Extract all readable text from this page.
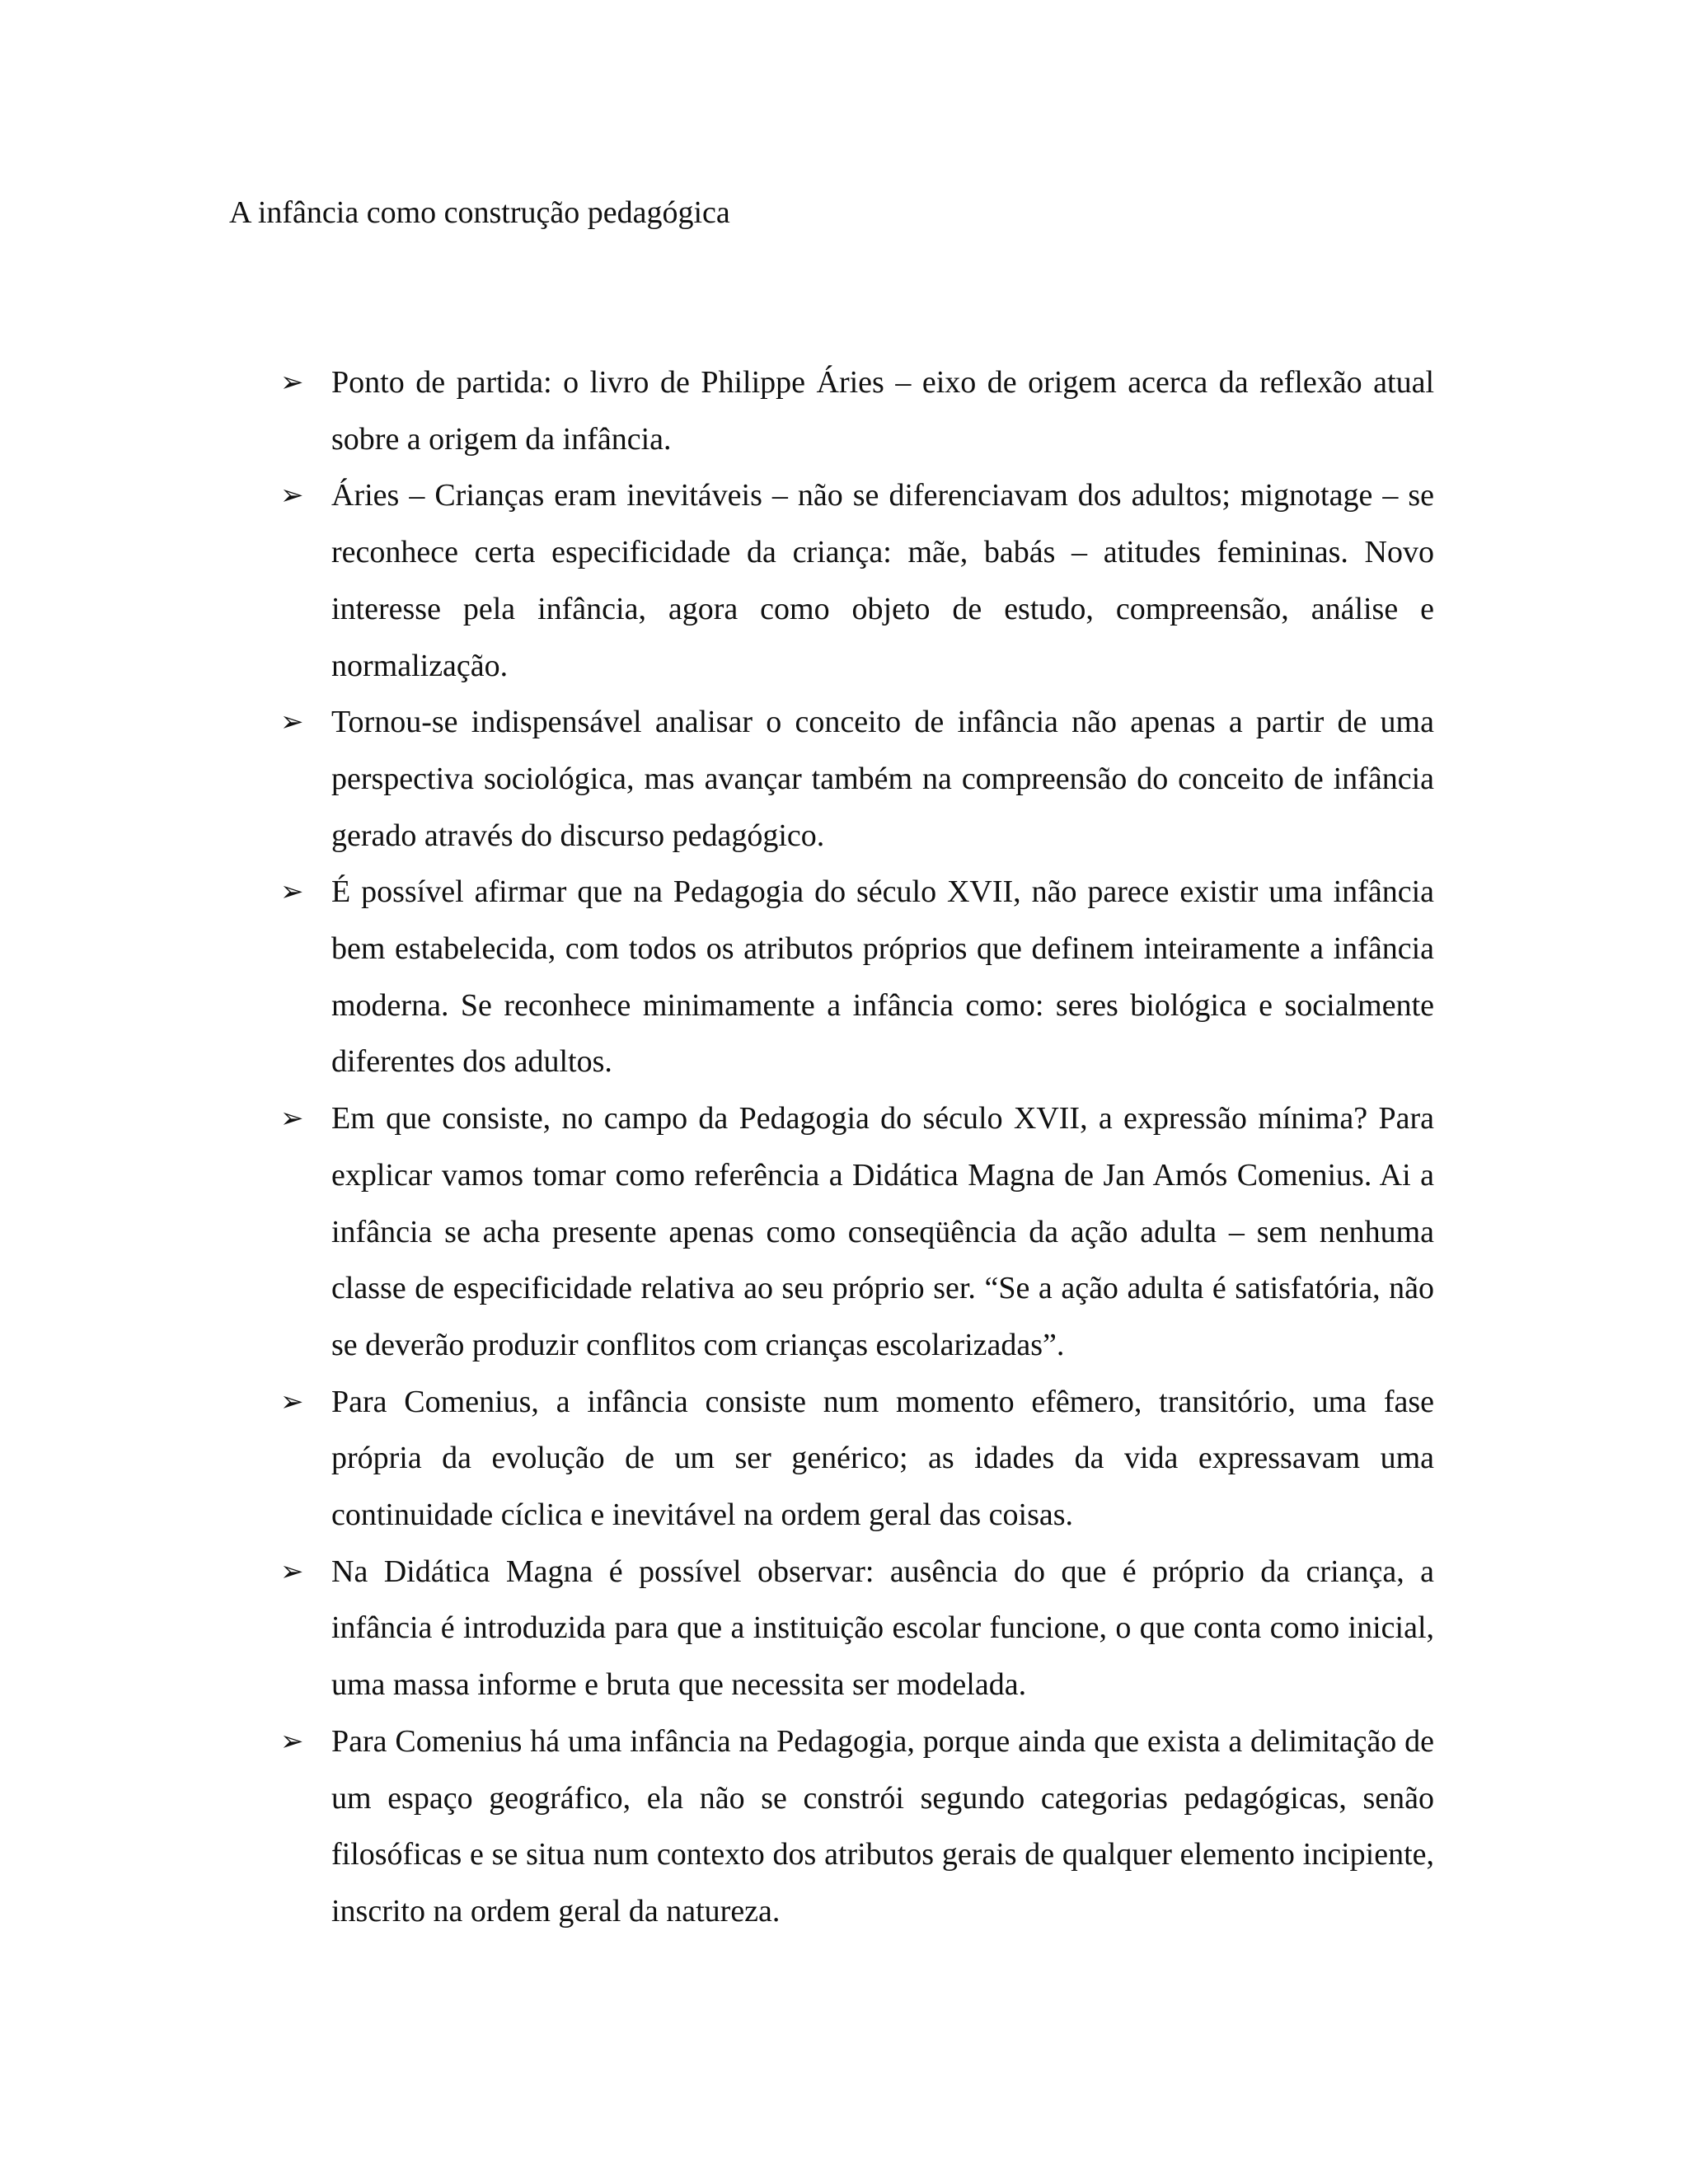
A infância como construção pedagógica
➢ Ponto de partida: o livro de Philippe Áries – eixo de origem acerca da reflexão atual sobre a origem da infância.
➢ Áries – Crianças eram inevitáveis – não se diferenciavam dos adultos; mignotage – se reconhece certa especificidade da criança: mãe, babás – atitudes femininas. Novo interesse pela infância, agora como objeto de estudo, compreensão, análise e normalização.
➢ Tornou-se indispensável analisar o conceito de infância não apenas a partir de uma perspectiva sociológica, mas avançar também na compreensão do conceito de infância gerado através do discurso pedagógico.
➢ É possível afirmar que na Pedagogia do século XVII, não parece existir uma infância bem estabelecida, com todos os atributos próprios que definem inteiramente a infância moderna. Se reconhece minimamente a infância como: seres biológica e socialmente diferentes dos adultos.
➢ Em que consiste, no campo da Pedagogia do século XVII, a expressão mínima? Para explicar vamos tomar como referência a Didática Magna de Jan Amós Comenius. Ai a infância se acha presente apenas como conseqüência da ação adulta – sem nenhuma classe de especificidade relativa ao seu próprio ser. “Se a ação adulta é satisfatória, não se deverão produzir conflitos com crianças escolarizadas”.
➢ Para Comenius, a infância consiste num momento efêmero, transitório, uma fase própria da evolução de um ser genérico; as idades da vida expressavam uma continuidade cíclica e inevitável na ordem geral das coisas.
➢ Na Didática Magna é possível observar: ausência do que é próprio da criança, a infância é introduzida para que a instituição escolar funcione, o que conta como inicial, uma massa informe e bruta que necessita ser modelada.
➢ Para Comenius há uma infância na Pedagogia, porque ainda que exista a delimitação de um espaço geográfico, ela não se constrói segundo categorias pedagógicas, senão filosóficas e se situa num contexto dos atributos gerais de qualquer elemento incipiente, inscrito na ordem geral da natureza.
